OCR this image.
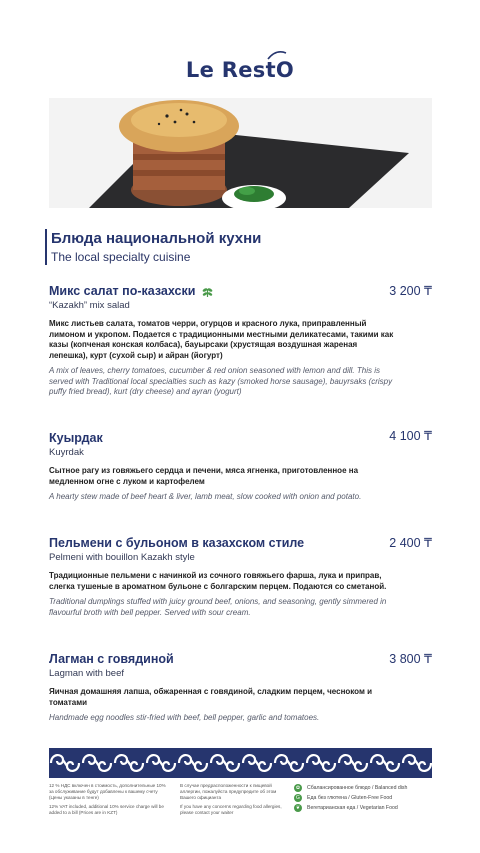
Le RestO
Блюда национальной кухни
The local specialty cuisine
Микс салат по-казахски
“Kazakh” mix salad
Микс листьев салата, томатов черри, огурцов и красного лука, приправленный лимоном и укропом. Подается с традиционными местными деликатесами, такими как казы (копченая конская колбаса), бауырсаки (хрустящая воздушная жареная лепешка), курт (сухой сыр) и айран (йогурт)
A mix of leaves, cherry tomatoes, cucumber & red onion seasoned with lemon and dill. This is served with Traditional local specialties such as kazy (smoked horse sausage), bauyrsaks (crispy puffy fried bread), kurt (dry cheese) and ayran (yogurt)
3 200 ₸
Куырдак
Kuyrdak
Сытное рагу из говяжьего сердца и печени, мяса ягненка, приготовленное на медленном огне с луком и картофелем
A hearty stew made of beef heart & liver, lamb meat, slow cooked with onion and potato.
4 100 ₸
Пельмени с бульоном в казахском стиле
Pelmeni with bouillon Kazakh style
Традиционные пельмени с начинкой из сочного говяжьего фарша, лука и приправ, слегка тушеные в ароматном бульоне с болгарским перцем. Подаются со сметаной.
Traditional dumplings stuffed with juicy ground beef, onions, and seasoning, gently simmered in flavourful broth with bell pepper. Served with sour cream.
2 400 ₸
Лагман с говядиной
Lagman with beef
Яичная домашняя лапша, обжаренная с говядиной, сладким перцем, чесноком и томатами
Handmade egg noodles stir-fried with beef, bell pepper, garlic and tomatoes.
3 800 ₸
12 % НДС включен в стоимость, дополнительные 10% за обслуживание будут добавлены к вашему счету (Цены указаны в тенге)
12% VAT included, additional 10% service charge will be added to a bill (Prices are in KZT)
В случае предрасположенности к пищевой аллергии, пожалуйста предупредите об этом Вашего официанта
If you have any concerns regarding food allergies, please contact your waiter
✿	Сбалансированное блюдо / Balanced dish
G	Еда без глютена / Gluten-Free Food
❦	Вегетарианская еда / Vegetarian Food
